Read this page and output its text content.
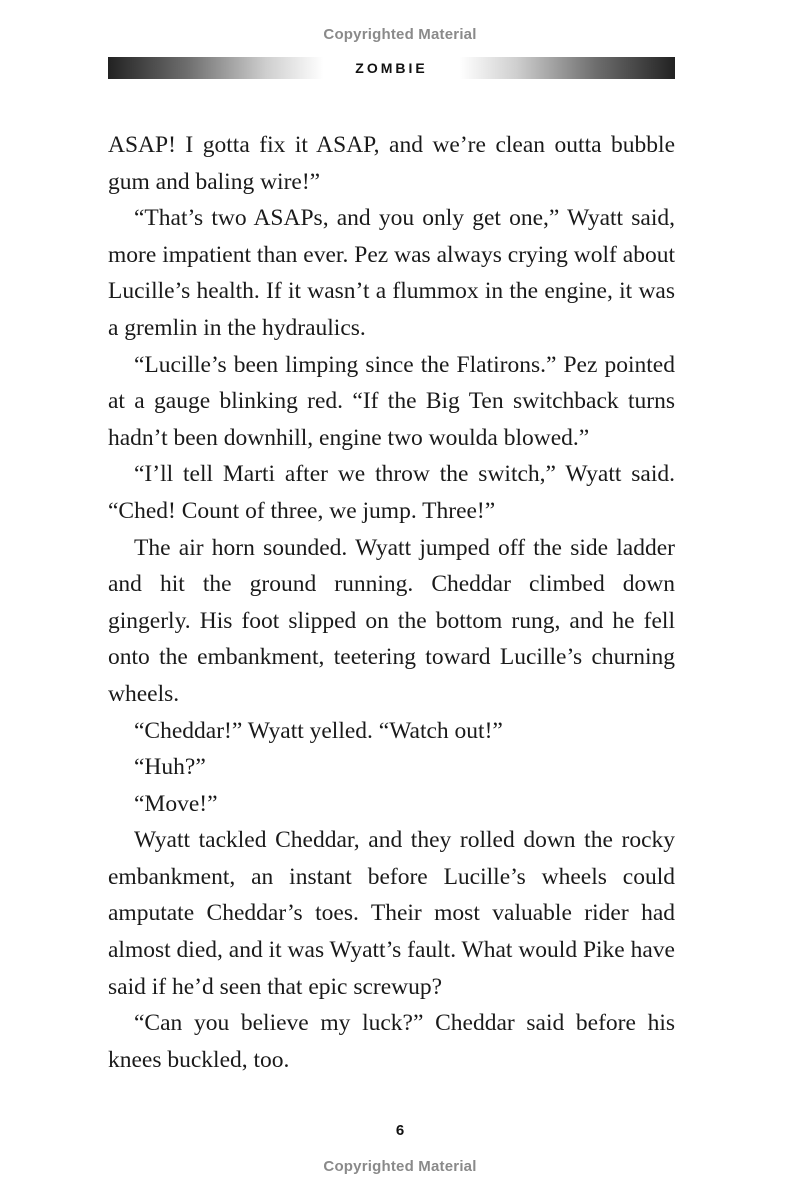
Copyrighted Material
ZOMBIE

ASAP! I gotta fix it ASAP, and we’re clean outta bubble gum and baling wire!”

“That’s two ASAPs, and you only get one,” Wyatt said, more impatient than ever. Pez was always crying wolf about Lucille’s health. If it wasn’t a flummox in the engine, it was a gremlin in the hydraulics.

“Lucille’s been limping since the Flatirons.” Pez pointed at a gauge blinking red. “If the Big Ten switchback turns hadn’t been downhill, engine two woulda blowed.”

“I’ll tell Marti after we throw the switch,” Wyatt said. “Ched! Count of three, we jump. Three!”

The air horn sounded. Wyatt jumped off the side ladder and hit the ground running. Cheddar climbed down gingerly. His foot slipped on the bottom rung, and he fell onto the embankment, teetering toward Lucille’s churning wheels.

“Cheddar!” Wyatt yelled. “Watch out!”

“Huh?”

“Move!”

Wyatt tackled Cheddar, and they rolled down the rocky embankment, an instant before Lucille’s wheels could amputate Cheddar’s toes. Their most valuable rider had almost died, and it was Wyatt’s fault. What would Pike have said if he’d seen that epic screwup?

“Can you believe my luck?” Cheddar said before his knees buckled, too.

6
Copyrighted Material
